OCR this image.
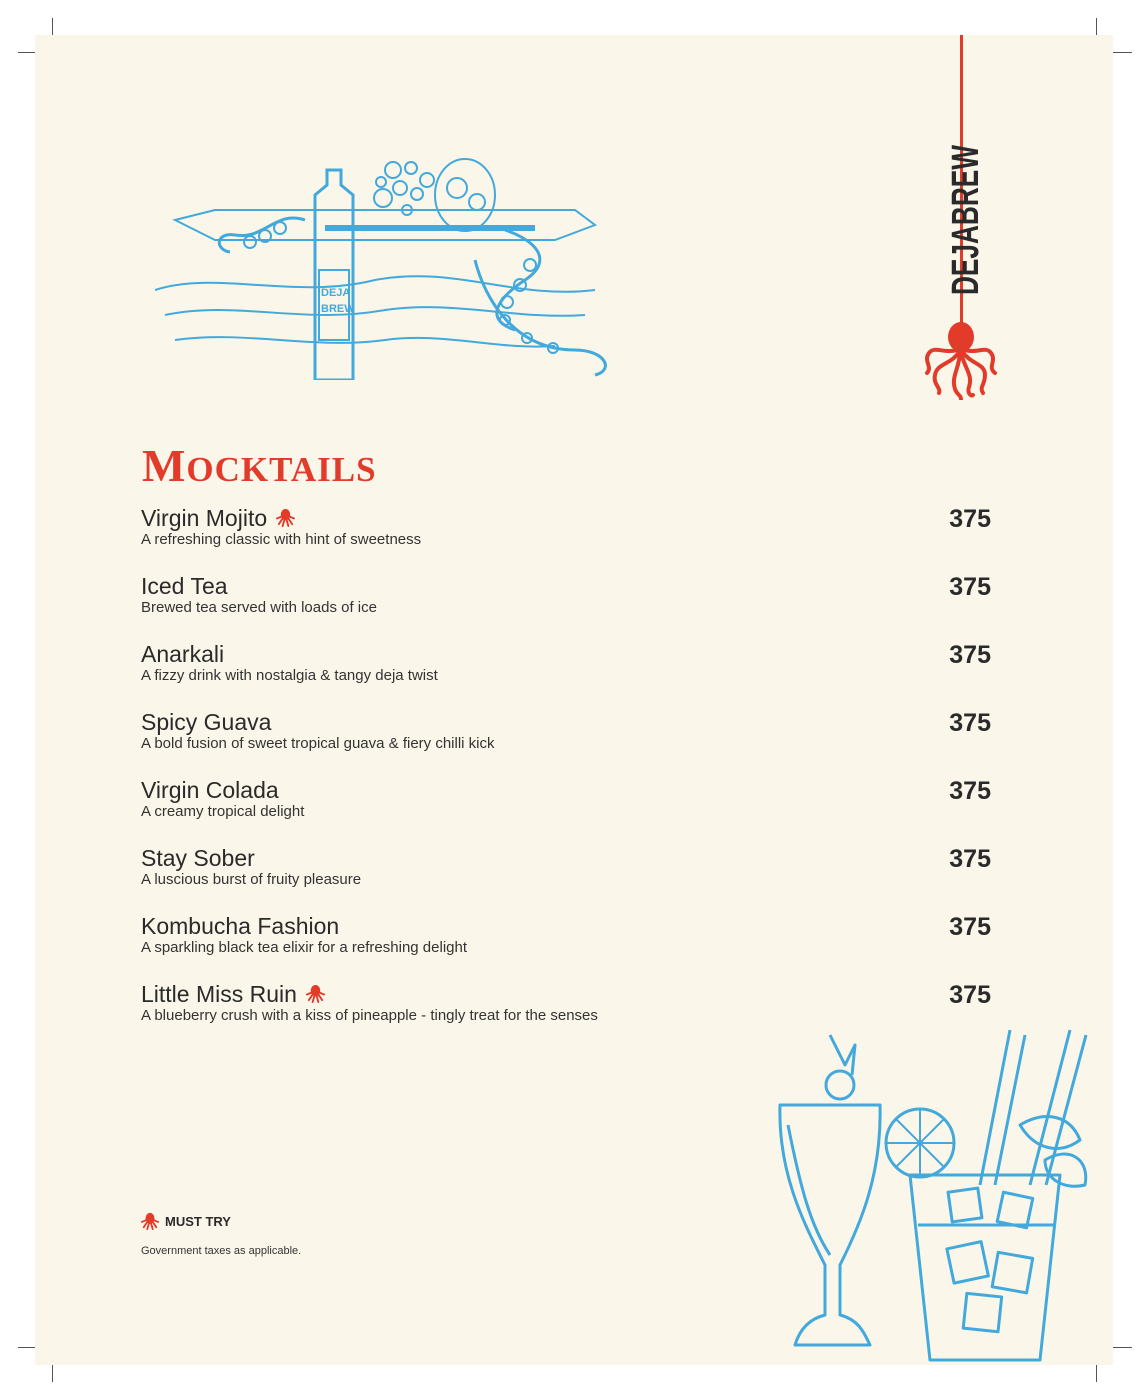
DEJABREW
DEJA
BREW
MOCKTAILS
Virgin Mojito
A refreshing classic with hint of sweetness
375
Iced Tea
Brewed tea served with loads of ice
375
Anarkali
A fizzy drink with nostalgia & tangy deja twist
375
Spicy Guava
A bold fusion of sweet tropical guava & fiery chilli kick
375
Virgin Colada
A creamy tropical delight
375
Stay Sober
A luscious burst of fruity pleasure
375
Kombucha Fashion
A sparkling black tea elixir for a refreshing delight
375
Little Miss Ruin
A blueberry crush with a kiss of pineapple - tingly treat for the senses
375
MUST TRY
Government taxes as applicable.
